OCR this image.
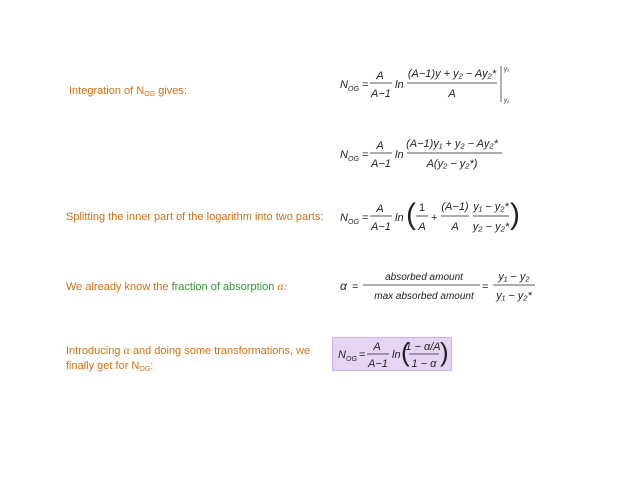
Integration of $N_{OG}$ gives:
Splitting the inner part of the logarithm into two parts:
We already know the fraction of absorption α:
Introducing α and doing some transformations, we finally get for $N_{OG}$:
N OG =
A
A−1
ln
(A−1)y + y₂ − Ay₂*
A
y₁
y₂
N OG =
A
A−1
ln
(A−1)y₁ + y₂ − Ay₂*
A(y₂ − y₂*)
N OG =
A
A−1
ln ( 1
A
+
(A−1)
A
y₁ − y₂*
y₂ − y₂* )
α =
absorbed amount
max absorbed amount
=
y₁ − y₂
y₁ − y₂*
N OG =
A
A−1
ln (
1 − α/A
1 − α )
